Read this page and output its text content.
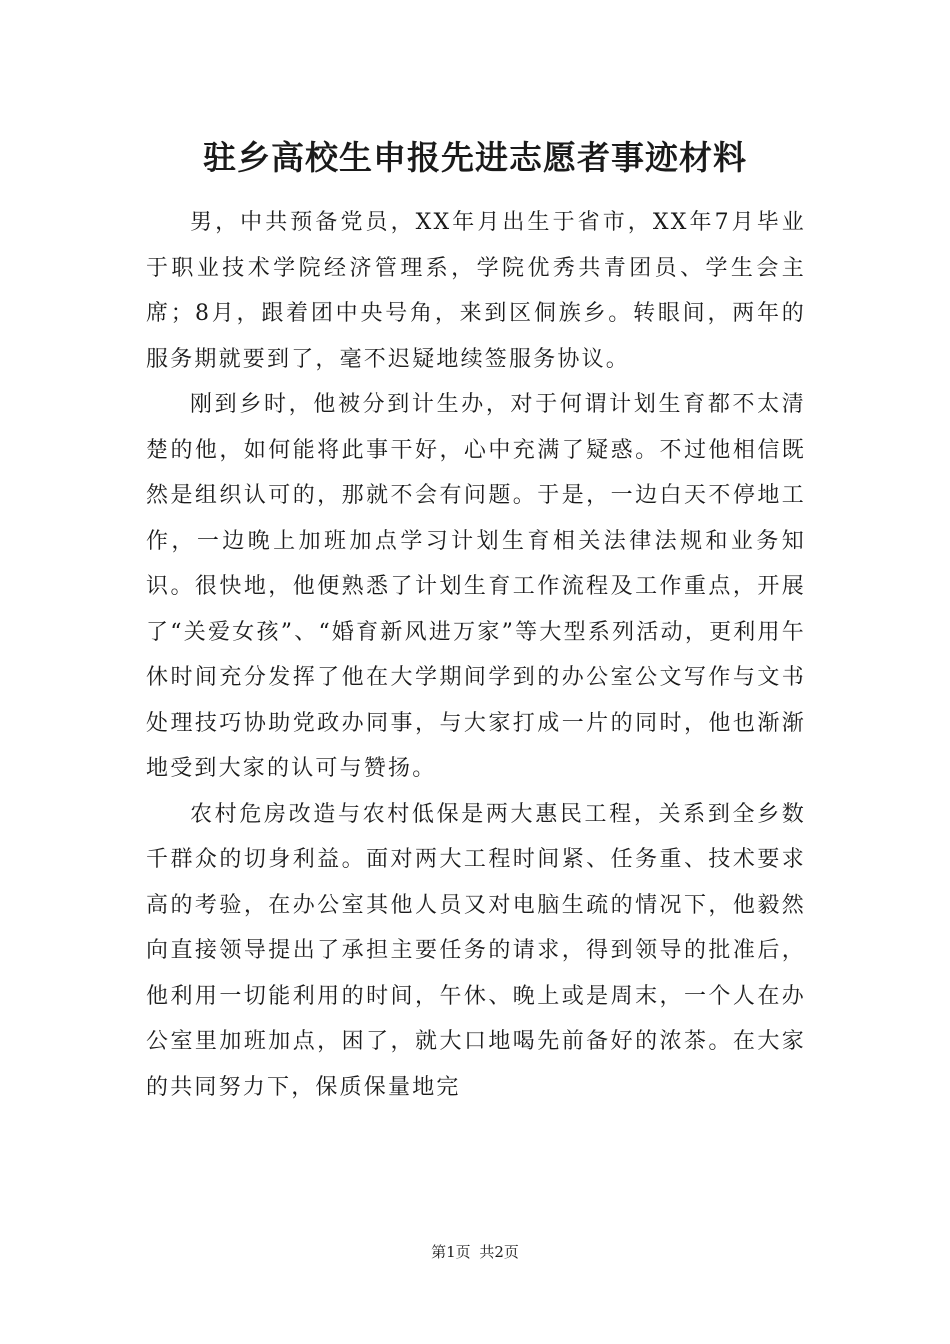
驻乡高校生申报先进志愿者事迹材料

男，中共预备党员，XX年月出生于省市，XX年7月毕业于职业技术学院经济管理系，学院优秀共青团员、学生会主席；8月，跟着团中央号角，来到区侗族乡。转眼间，两年的服务期就要到了，毫不迟疑地续签服务协议。

刚到乡时，他被分到计生办，对于何谓计划生育都不太清楚的他，如何能将此事干好，心中充满了疑惑。不过他相信既然是组织认可的，那就不会有问题。于是，一边白天不停地工作，一边晚上加班加点学习计划生育相关法律法规和业务知识。很快地，他便熟悉了计划生育工作流程及工作重点，开展了“关爱女孩”、“婚育新风进万家”等大型系列活动，更利用午休时间充分发挥了他在大学期间学到的办公室公文写作与文书处理技巧协助党政办同事，与大家打成一片的同时，他也渐渐地受到大家的认可与赞扬。

农村危房改造与农村低保是两大惠民工程，关系到全乡数千群众的切身利益。面对两大工程时间紧、任务重、技术要求高的考验，在办公室其他人员又对电脑生疏的情况下，他毅然向直接领导提出了承担主要任务的请求，得到领导的批准后，他利用一切能利用的时间，午休、晚上或是周末，一个人在办公室里加班加点，困了，就大口地喝先前备好的浓茶。在大家的共同努力下，保质保量地完

第1页 共2页
